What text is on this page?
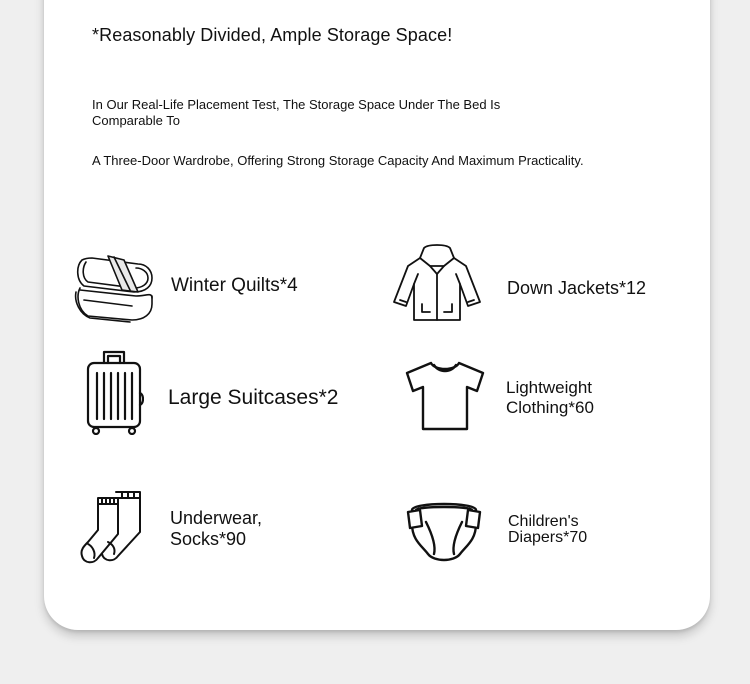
*Reasonably Divided, Ample Storage Space!

In Our Real-Life Placement Test, The Storage Space Under The Bed Is Comparable To

A Three-Door Wardrobe, Offering Strong Storage Capacity And Maximum Practicality.

Winter Quilts*4	Down Jackets*12
Large Suitcases*2	Lightweight Clothing*60
Underwear, Socks*90
Children's Diapers*70
